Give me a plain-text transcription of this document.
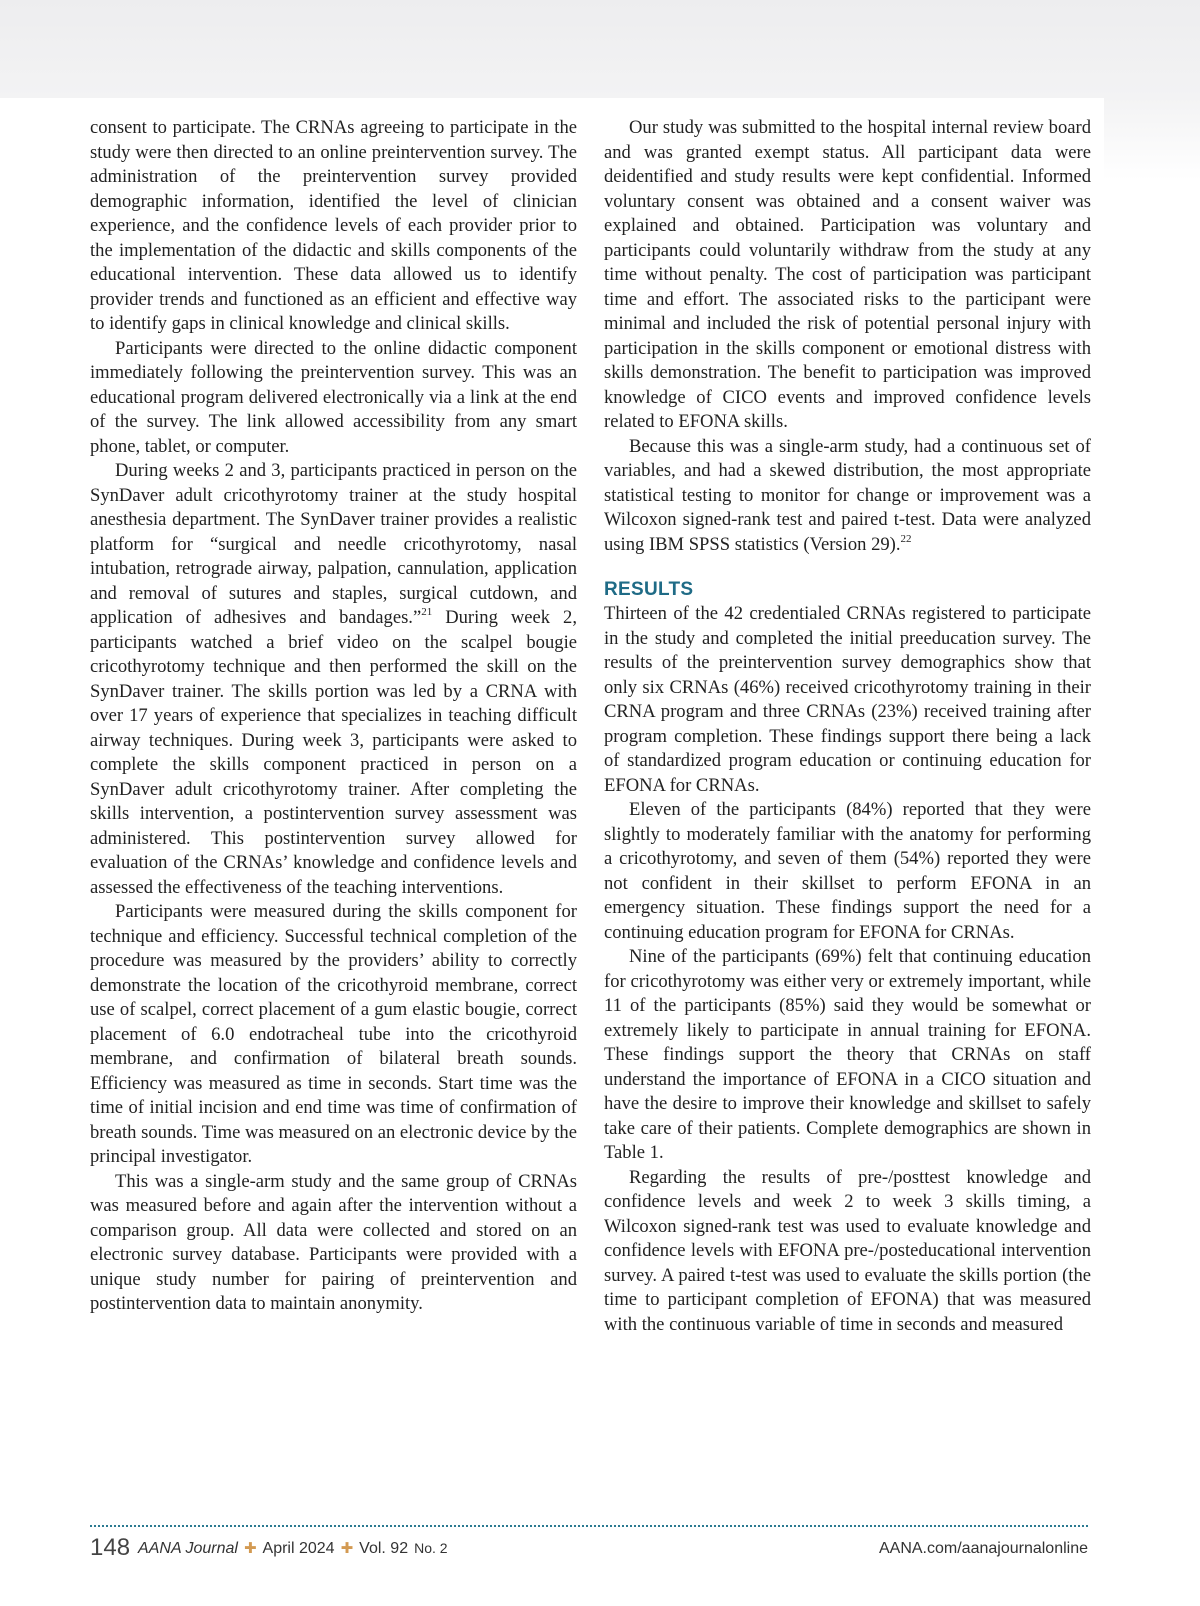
consent to participate. The CRNAs agreeing to participate in the study were then directed to an online preintervention survey. The administration of the preintervention survey provided demographic information, identified the level of clinician experience, and the confidence levels of each provider prior to the implementation of the didactic and skills components of the educational intervention. These data allowed us to identify provider trends and functioned as an efficient and effective way to identify gaps in clinical knowledge and clinical skills.

Participants were directed to the online didactic component immediately following the preintervention survey. This was an educational program delivered electronically via a link at the end of the survey. The link allowed accessibility from any smart phone, tablet, or computer.

During weeks 2 and 3, participants practiced in person on the SynDaver adult cricothyrotomy trainer at the study hospital anesthesia department. The SynDaver trainer provides a realistic platform for “surgical and needle cricothyrotomy, nasal intubation, retrograde airway, palpation, cannulation, application and removal of sutures and staples, surgical cutdown, and application of adhesives and bandages.”$^{21}$ During week 2, participants watched a brief video on the scalpel bougie cricothyrotomy technique and then performed the skill on the SynDaver trainer. The skills portion was led by a CRNA with over 17 years of experience that specializes in teaching difficult airway techniques. During week 3, participants were asked to complete the skills component practiced in person on a SynDaver adult cricothyrotomy trainer. After completing the skills intervention, a postintervention survey assessment was administered. This postintervention survey allowed for evaluation of the CRNAs’ knowledge and confidence levels and assessed the effectiveness of the teaching interventions.

Participants were measured during the skills component for technique and efficiency. Successful technical completion of the procedure was measured by the providers’ ability to correctly demonstrate the location of the cricothyroid membrane, correct use of scalpel, correct placement of a gum elastic bougie, correct placement of 6.0 endotracheal tube into the cricothyroid membrane, and confirmation of bilateral breath sounds. Efficiency was measured as time in seconds. Start time was the time of initial incision and end time was time of confirmation of breath sounds. Time was measured on an electronic device by the principal investigator.

This was a single-arm study and the same group of CRNAs was measured before and again after the intervention without a comparison group. All data were collected and stored on an electronic survey database. Participants were provided with a unique study number for pairing of preintervention and postintervention data to maintain anonymity.

Our study was submitted to the hospital internal review board and was granted exempt status. All participant data were deidentified and study results were kept confidential. Informed voluntary consent was obtained and a consent waiver was explained and obtained. Participation was voluntary and participants could voluntarily withdraw from the study at any time without penalty. The cost of participation was participant time and effort. The associated risks to the participant were minimal and included the risk of potential personal injury with participation in the skills component or emotional distress with skills demonstration. The benefit to participation was improved knowledge of CICO events and improved confidence levels related to EFONA skills.

Because this was a single-arm study, had a continuous set of variables, and had a skewed distribution, the most appropriate statistical testing to monitor for change or improvement was a Wilcoxon signed-rank test and paired t-test. Data were analyzed using IBM SPSS statistics (Version 29).$^{22}$

RESULTS

Thirteen of the 42 credentialed CRNAs registered to participate in the study and completed the initial preeducation survey. The results of the preintervention survey demographics show that only six CRNAs (46%) received cricothyrotomy training in their CRNA program and three CRNAs (23%) received training after program completion. These findings support there being a lack of standardized program education or continuing education for EFONA for CRNAs.

Eleven of the participants (84%) reported that they were slightly to moderately familiar with the anatomy for performing a cricothyrotomy, and seven of them (54%) reported they were not confident in their skillset to perform EFONA in an emergency situation. These findings support the need for a continuing education program for EFONA for CRNAs.

Nine of the participants (69%) felt that continuing education for cricothyrotomy was either very or extremely important, while 11 of the participants (85%) said they would be somewhat or extremely likely to participate in annual training for EFONA. These findings support the theory that CRNAs on staff understand the importance of EFONA in a CICO situation and have the desire to improve their knowledge and skillset to safely take care of their patients. Complete demographics are shown in Table 1.

Regarding the results of pre-/posttest knowledge and confidence levels and week 2 to week 3 skills timing, a Wilcoxon signed-rank test was used to evaluate knowledge and confidence levels with EFONA pre-/posteducational intervention survey. A paired t-test was used to evaluate the skills portion (the time to participant completion of EFONA) that was measured with the continuous variable of time in seconds and measured

148 AANA Journal ✚ April 2024 ✚ Vol. 92 No. 2	AANA.com/aanajournalonline
